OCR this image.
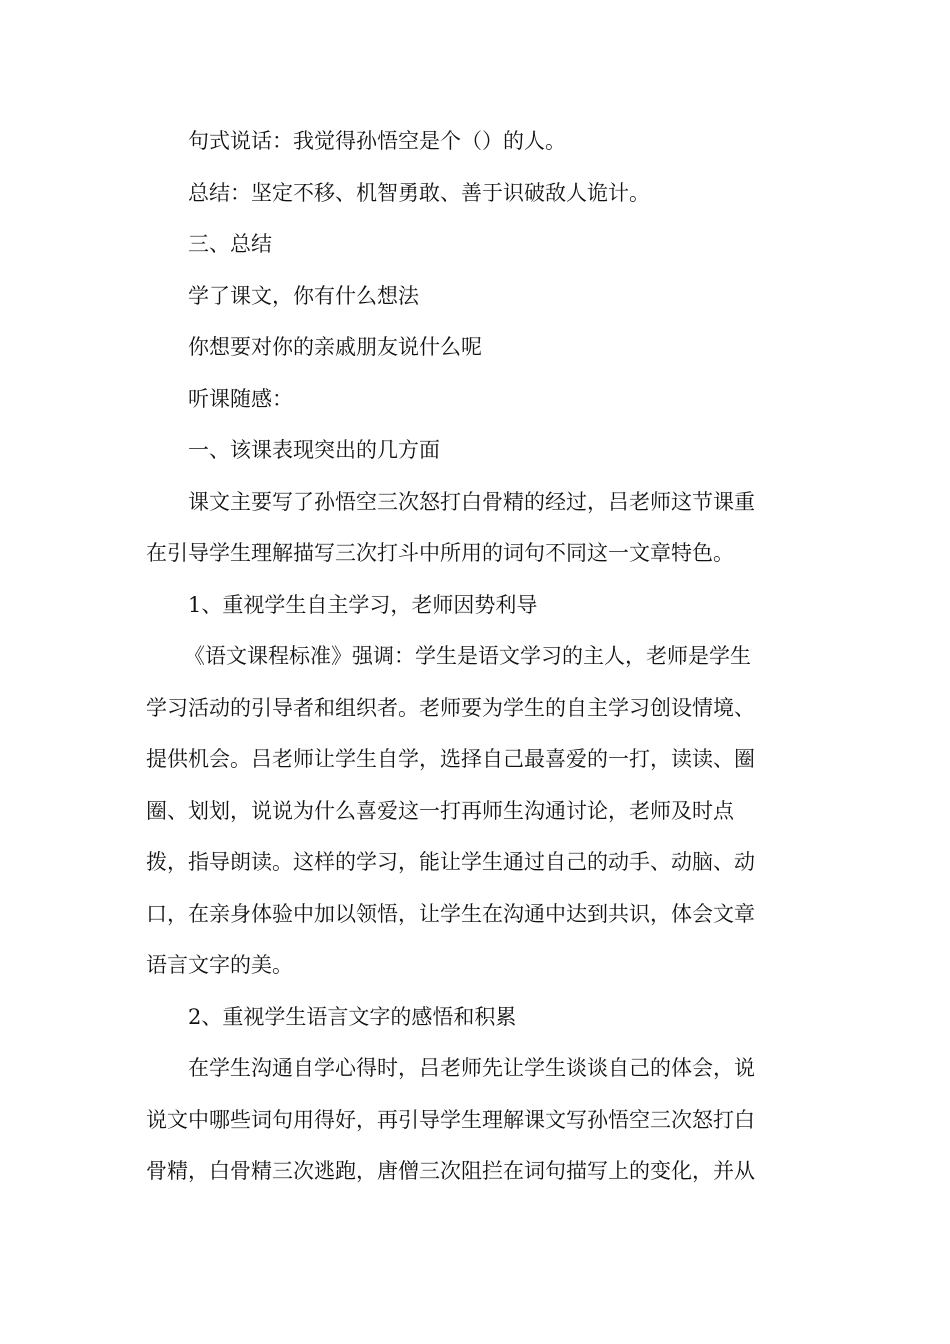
句式说话：我觉得孙悟空是个（）的人。

总结：坚定不移、机智勇敢、善于识破敌人诡计。

三、总结

学了课文，你有什么想法

你想要对你的亲戚朋友说什么呢

听课随感：

一、该课表现突出的几方面

课文主要写了孙悟空三次怒打白骨精的经过，吕老师这节课重

在引导学生理解描写三次打斗中所用的词句不同这一文章特色。

1、重视学生自主学习，老师因势利导

《语文课程标准》强调：学生是语文学习的主人，老师是学生

学习活动的引导者和组织者。老师要为学生的自主学习创设情境、

提供机会。吕老师让学生自学，选择自己最喜爱的一打，读读、圈

圈、划划，说说为什么喜爱这一打再师生沟通讨论，老师及时点

拨，指导朗读。这样的学习，能让学生通过自己的动手、动脑、动

口，在亲身体验中加以领悟，让学生在沟通中达到共识，体会文章

语言文字的美。

2、重视学生语言文字的感悟和积累

在学生沟通自学心得时，吕老师先让学生谈谈自己的体会，说

说文中哪些词句用得好，再引导学生理解课文写孙悟空三次怒打白

骨精，白骨精三次逃跑，唐僧三次阻拦在词句描写上的变化，并从
